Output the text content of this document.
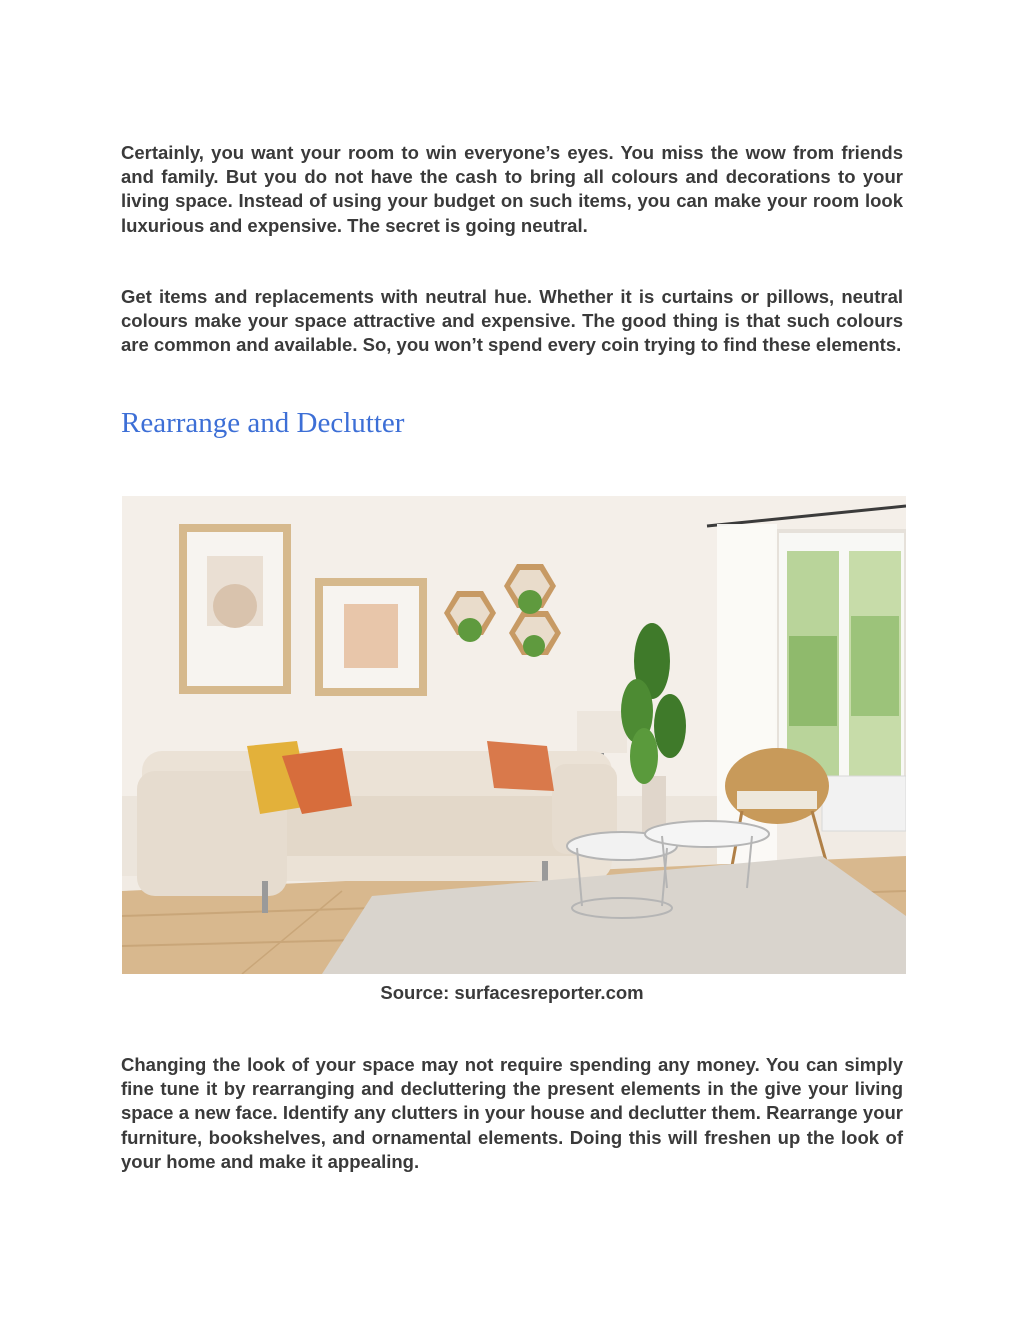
Certainly, you want your room to win everyone’s eyes. You miss the wow from friends and family. But you do not have the cash to bring all colours and decorations to your living space. Instead of using your budget on such items, you can make your room look luxurious and expensive. The secret is going neutral.

Get items and replacements with neutral hue. Whether it is curtains or pillows, neutral colours make your space attractive and expensive. The good thing is that such colours are common and available. So, you won’t spend every coin trying to find these elements.

Rearrange and Declutter

Source: surfacesreporter.com

Changing the look of your space may not require spending any money. You can simply fine tune it by rearranging and decluttering the present elements in the give your living space a new face. Identify any clutters in your house and declutter them. Rearrange your furniture, bookshelves, and ornamental elements. Doing this will freshen up the look of your home and make it appealing.
